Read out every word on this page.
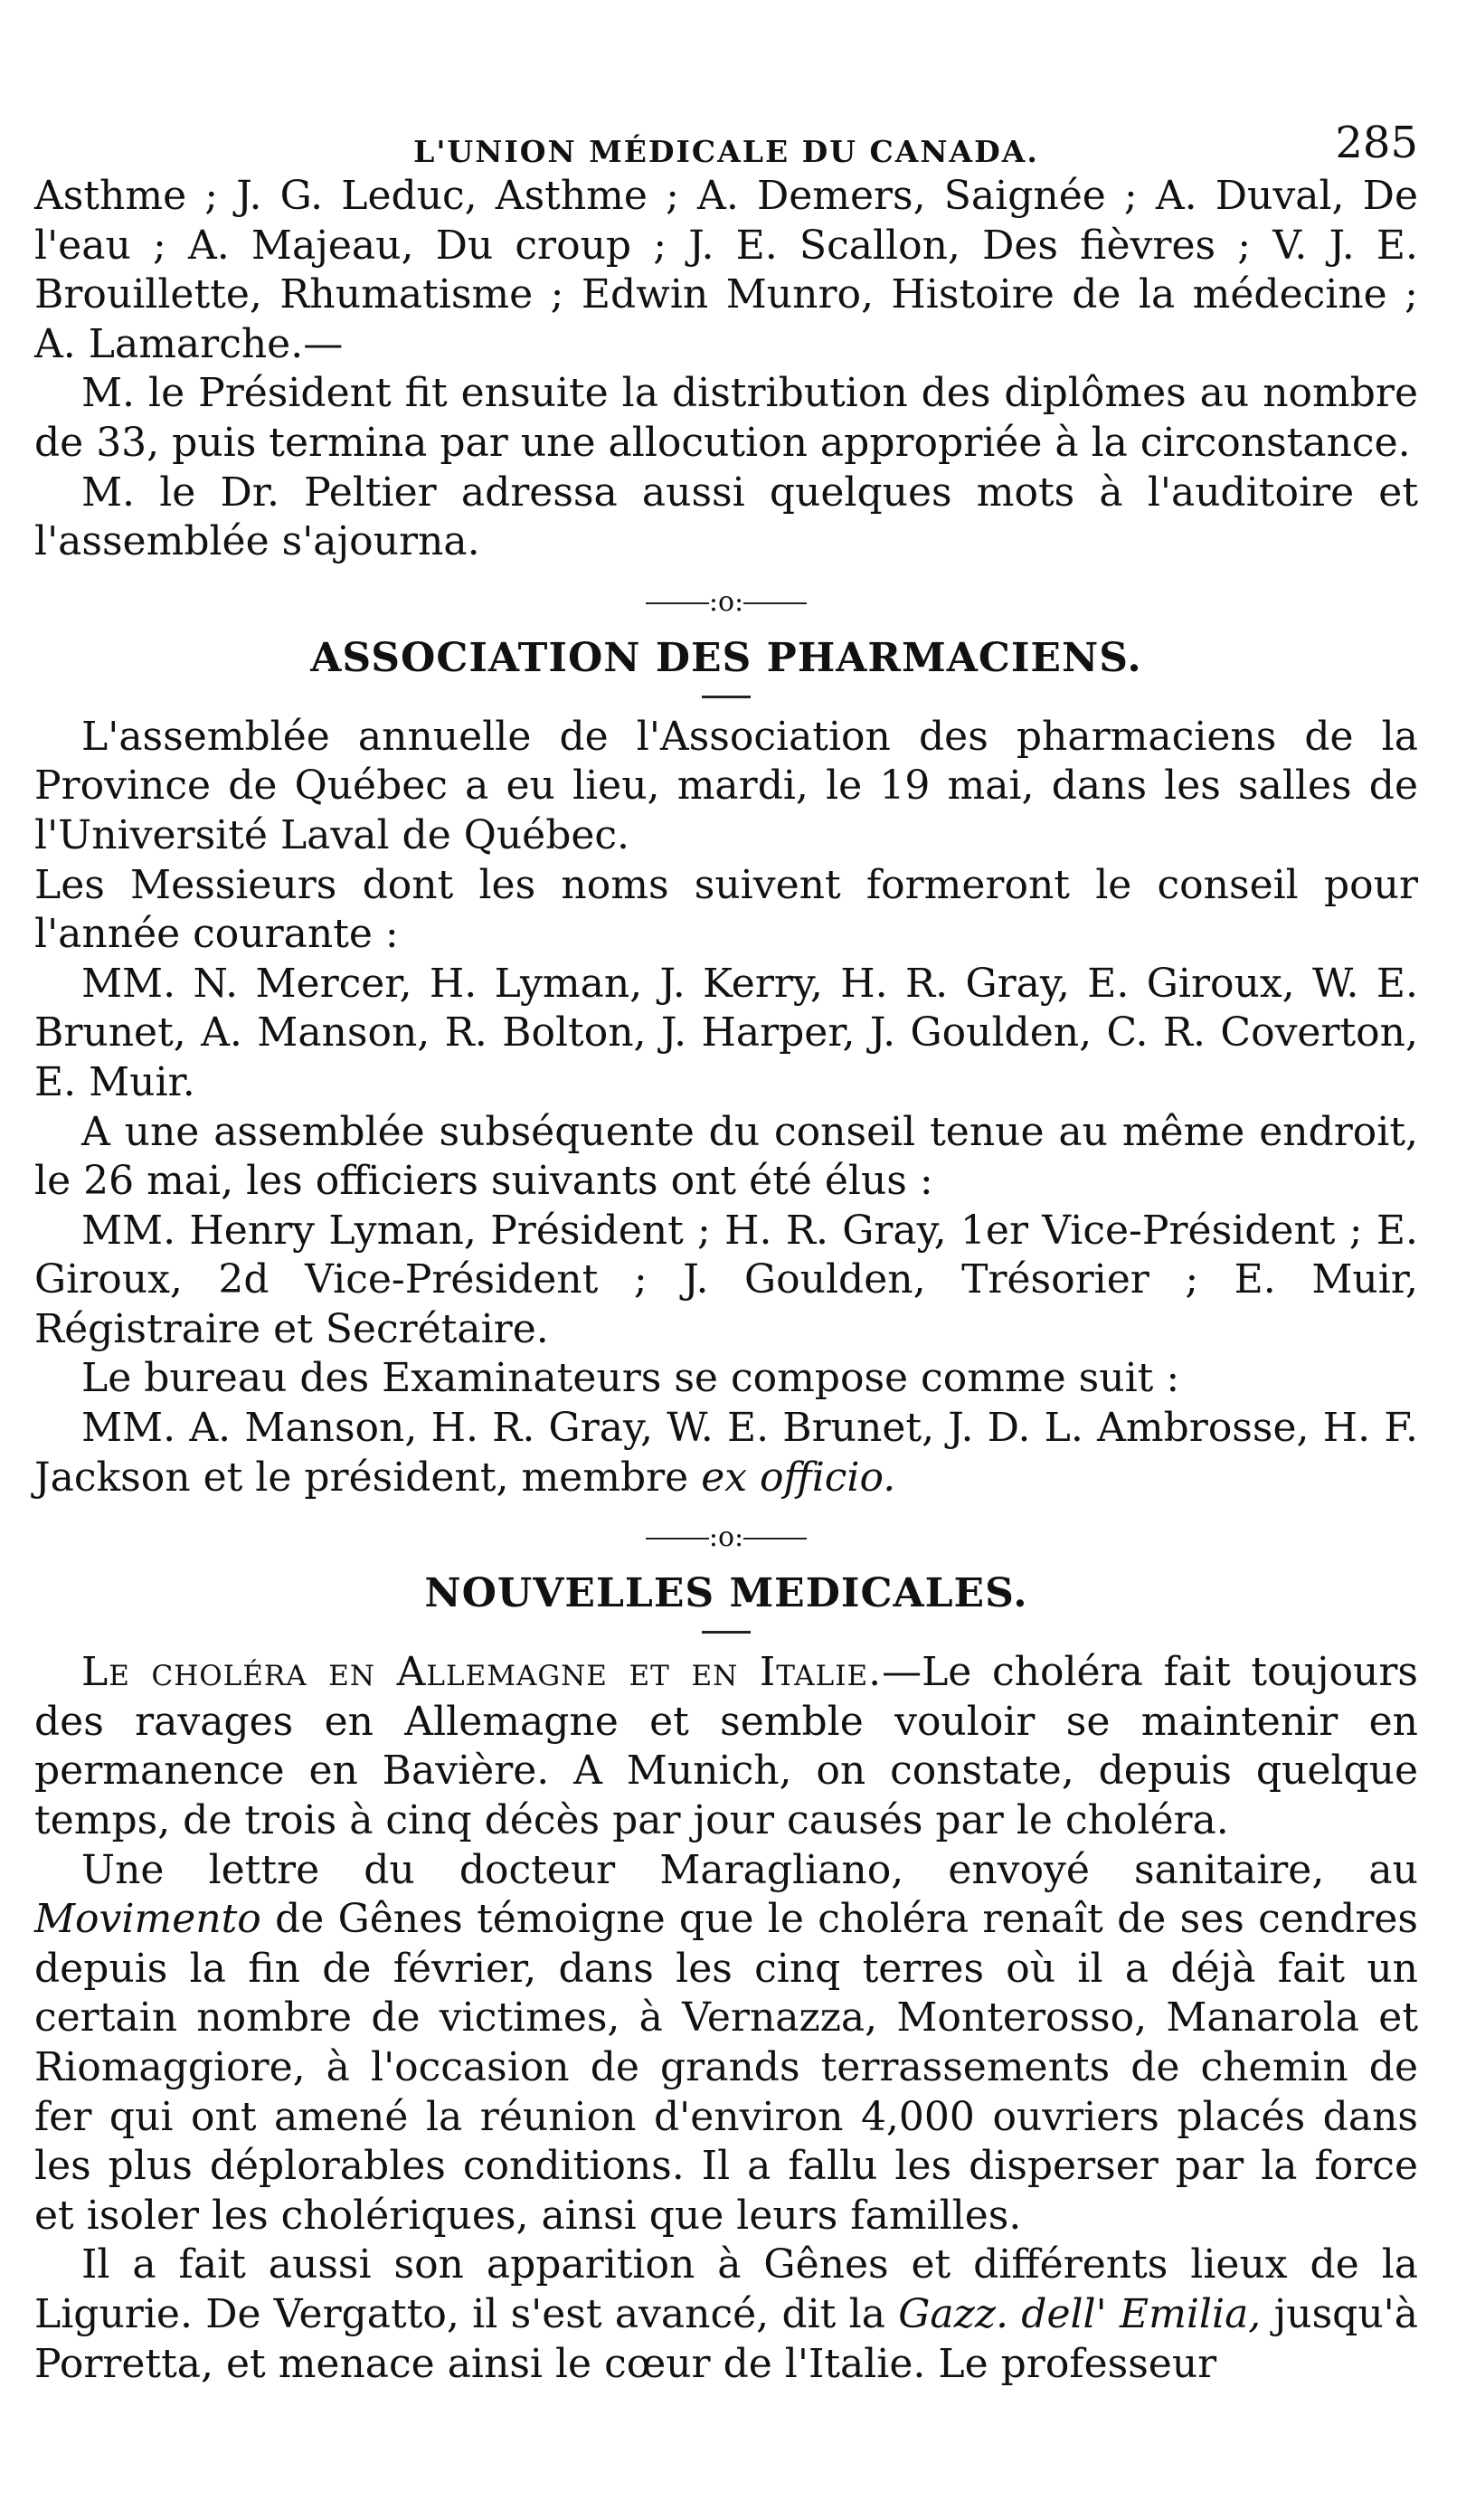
L'UNION MÉDICALE DU CANADA.	285

Asthme ; J. G. Leduc, Asthme ; A. Demers, Saignée ; A. Duval, De l'eau ; A. Majeau, Du croup ; J. E. Scallon, Des fièvres ; V. J. E. Brouillette, Rhumatisme ; Edwin Munro, Histoire de la médecine ; A. Lamarche.—

M. le Président fit ensuite la distribution des diplômes au nombre de 33, puis termina par une allocution appropriée à la circonstance.

M. le Dr. Peltier adressa aussi quelques mots à l'auditoire et l'assemblée s'ajourna.

:o:
ASSOCIATION DES PHARMACIENS.

L'assemblée annuelle de l'Association des pharmaciens de la Province de Québec a eu lieu, mardi, le 19 mai, dans les salles de l'Université Laval de Québec.

Les Messieurs dont les noms suivent formeront le conseil pour l'année courante :

MM. N. Mercer, H. Lyman, J. Kerry, H. R. Gray, E. Giroux, W. E. Brunet, A. Manson, R. Bolton, J. Harper, J. Goulden, C. R. Coverton, E. Muir.

A une assemblée subséquente du conseil tenue au même endroit, le 26 mai, les officiers suivants ont été élus :

MM. Henry Lyman, Président ; H. R. Gray, 1er Vice-Président ; E. Giroux, 2d Vice-Président ; J. Goulden, Trésorier ; E. Muir, Régistraire et Secrétaire.

Le bureau des Examinateurs se compose comme suit :

MM. A. Manson, H. R. Gray, W. E. Brunet, J. D. L. Ambrosse, H. F. Jackson et le président, membre ex officio.

:o:
NOUVELLES MEDICALES.

Le choléra en Allemagne et en Italie.—Le choléra fait toujours des ravages en Allemagne et semble vouloir se maintenir en permanence en Bavière. A Munich, on constate, depuis quelque temps, de trois à cinq décès par jour causés par le choléra.

Une lettre du docteur Maragliano, envoyé sanitaire, au Movimento de Gênes témoigne que le choléra renaît de ses cendres depuis la fin de février, dans les cinq terres où il a déjà fait un certain nombre de victimes, à Vernazza, Monterosso, Manarola et Riomaggiore, à l'occasion de grands terrassements de chemin de fer qui ont amené la réunion d'environ 4,000 ouvriers placés dans les plus déplorables conditions. Il a fallu les disperser par la force et isoler les cholériques, ainsi que leurs familles.

Il a fait aussi son apparition à Gênes et différents lieux de la Ligurie. De Vergatto, il s'est avancé, dit la Gazz. dell' Emilia, jusqu'à Porretta, et menace ainsi le cœur de l'Italie. Le professeur
